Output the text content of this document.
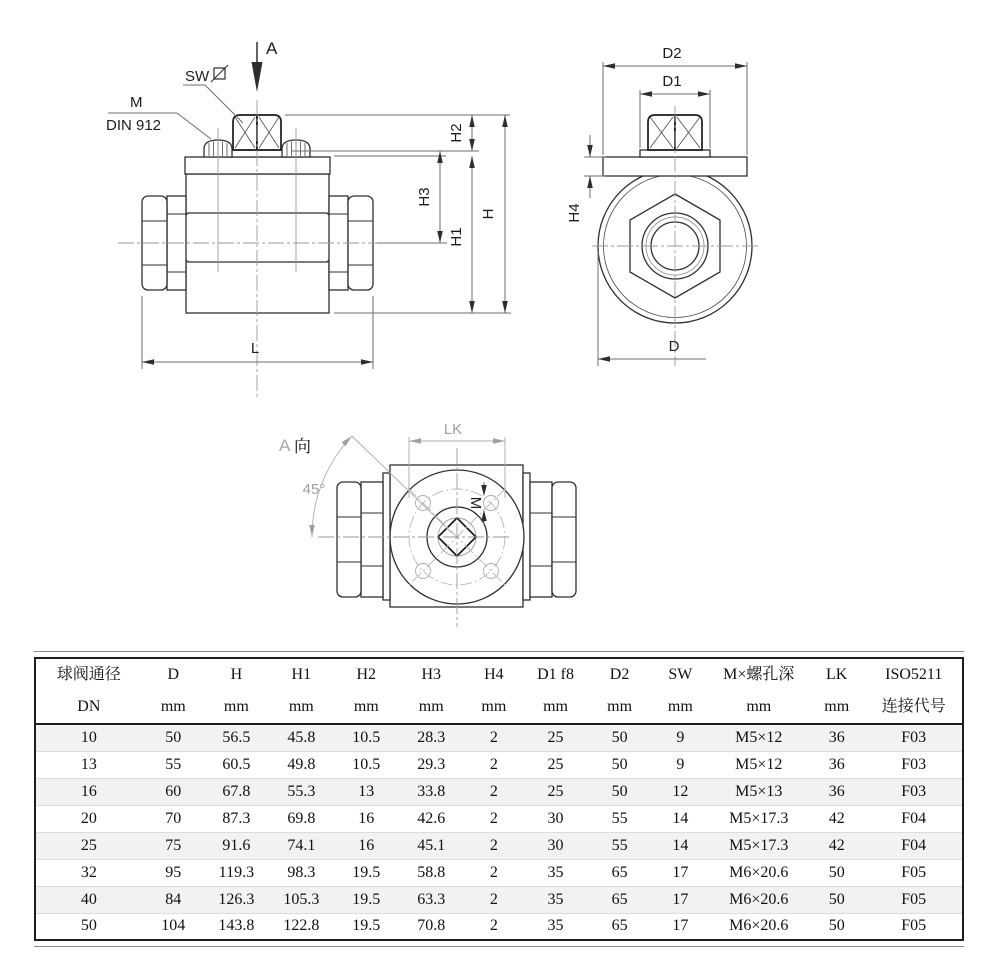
A
SW
M
DIN 912	H2
H3
H1
H
L
D2
D1
H4
D
LK
45°
A 向
M
球阀通径	D	H	H1	H2	H3	H4	D1 f8	D2	SW	M×螺孔深	LK	ISO5211
DN	mm	mm	mm	mm	mm	mm	mm	mm	mm	mm	mm	连接代号
10	50	56.5	45.8	10.5	28.3	2	25	50	9	M5×12	36	F03
13	55	60.5	49.8	10.5	29.3	2	25	50	9	M5×12	36	F03
16	60	67.8	55.3	13	33.8	2	25	50	12	M5×13	36	F03
20	70	87.3	69.8	16	42.6	2	30	55	14	M5×17.3	42	F04
25	75	91.6	74.1	16	45.1	2	30	55	14	M5×17.3	42	F04
32	95	119.3	98.3	19.5	58.8	2	35	65	17	M6×20.6	50	F05
40	84	126.3	105.3	19.5	63.3	2	35	65	17	M6×20.6	50	F05
50	104	143.8	122.8	19.5	70.8	2	35	65	17	M6×20.6	50	F05
